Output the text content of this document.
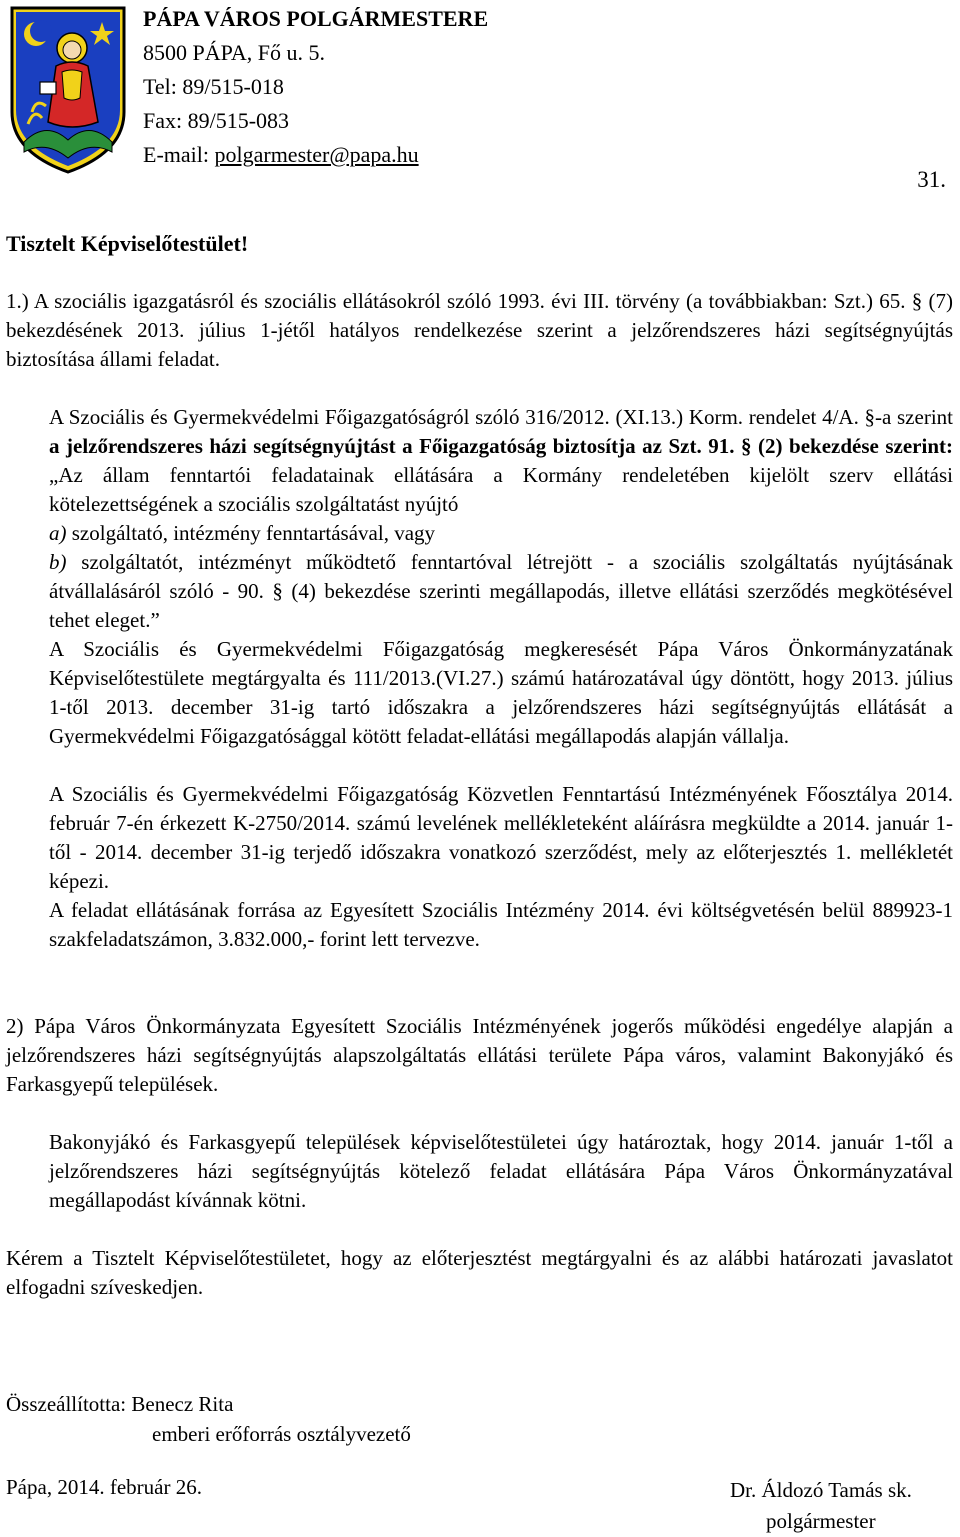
PÁPA VÁROS POLGÁRMESTERE
8500 PÁPA, Fő u. 5.
Tel: 89/515-018
Fax: 89/515-083
E-mail: polgarmester@papa.hu
31.
Tisztelt Képviselőtestület!

1.) A szociális igazgatásról és szociális ellátásokról szóló 1993. évi III. törvény (a továbbiakban: Szt.) 65. § (7) bekezdésének 2013. július 1-jétől hatályos rendelkezése szerint a jelzőrendszeres házi segítségnyújtás biztosítása állami feladat.

A Szociális és Gyermekvédelmi Főigazgatóságról szóló 316/2012. (XI.13.) Korm. rendelet 4/A. §-a szerint a jelzőrendszeres házi segítségnyújtást a Főigazgatóság biztosítja az Szt. 91. § (2) bekezdése szerint: „Az állam fenntartói feladatainak ellátására a Kormány rendeletében kijelölt szerv ellátási kötelezettségének a szociális szolgáltatást nyújtó

a) szolgáltató, intézmény fenntartásával, vagy

b) szolgáltatót, intézményt működtető fenntartóval létrejött - a szociális szolgáltatás nyújtásának átvállalásáról szóló - 90. § (4) bekezdése szerinti megállapodás, illetve ellátási szerződés megkötésével tehet eleget.”

A Szociális és Gyermekvédelmi Főigazgatóság megkeresését Pápa Város Önkormányzatának Képviselőtestülete megtárgyalta és 111/2013.(VI.27.) számú határozatával úgy döntött, hogy 2013. július 1-től 2013. december 31-ig tartó időszakra a jelzőrendszeres házi segítségnyújtás ellátását a Gyermekvédelmi Főigazgatósággal kötött feladat-ellátási megállapodás alapján vállalja.

A Szociális és Gyermekvédelmi Főigazgatóság Közvetlen Fenntartású Intézményének Főosztálya 2014. február 7-én érkezett K-2750/2014. számú levelének mellékleteként aláírásra megküldte a 2014. január 1-től - 2014. december 31-ig terjedő időszakra vonatkozó szerződést, mely az előterjesztés 1. mellékletét képezi.

A feladat ellátásának forrása az Egyesített Szociális Intézmény 2014. évi költségvetésén belül 889923-1 szakfeladatszámon, 3.832.000,- forint lett tervezve.

2) Pápa Város Önkormányzata Egyesített Szociális Intézményének jogerős működési engedélye alapján a jelzőrendszeres házi segítségnyújtás alapszolgáltatás ellátási területe Pápa város, valamint Bakonyjákó és Farkasgyepű települések.

Bakonyjákó és Farkasgyepű települések képviselőtestületei úgy határoztak, hogy 2014. január 1-től a jelzőrendszeres házi segítségnyújtás kötelező feladat ellátására Pápa Város Önkormányzatával megállapodást kívánnak kötni.

Kérem a Tisztelt Képviselőtestületet, hogy az előterjesztést megtárgyalni és az alábbi határozati javaslatot elfogadni szíveskedjen.

Összeállította: Benecz Rita
emberi erőforrás osztályvezető
Pápa, 2014. február 26.	Dr. Áldozó Tamás sk.
polgármester
